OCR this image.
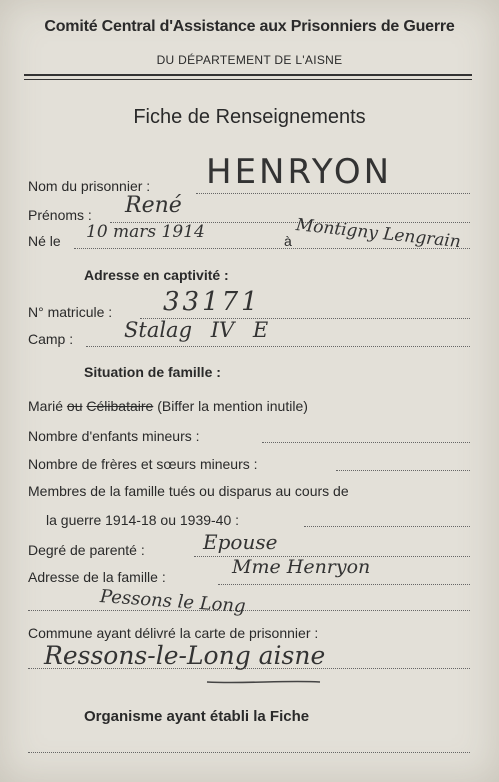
Comité Central d'Assistance aux Prisonniers de Guerre
DU DÉPARTEMENT DE L'AISNE
Fiche de Renseignements
Nom du prisonnier : HENRYON
Prénoms : René
Né le 10 mars 1914	à Montigny Lengrain
Adresse en captivité :
N° matricule : 33171
Camp : Stalag IV E
Situation de famille :
Marié ou Célibataire (Biffer la mention inutile)
Nombre d'enfants mineurs :
Nombre de frères et sœurs mineurs :
Membres de la famille tués ou disparus au cours de
la guerre 1914-18 ou 1939-40 :
Degré de parenté :	Epouse
Adresse de la famille :	Mme Henryon
Pessons le Long
Commune ayant délivré la carte de prisonnier :
Ressons-le-Long aisne
Organisme ayant établi la Fiche
